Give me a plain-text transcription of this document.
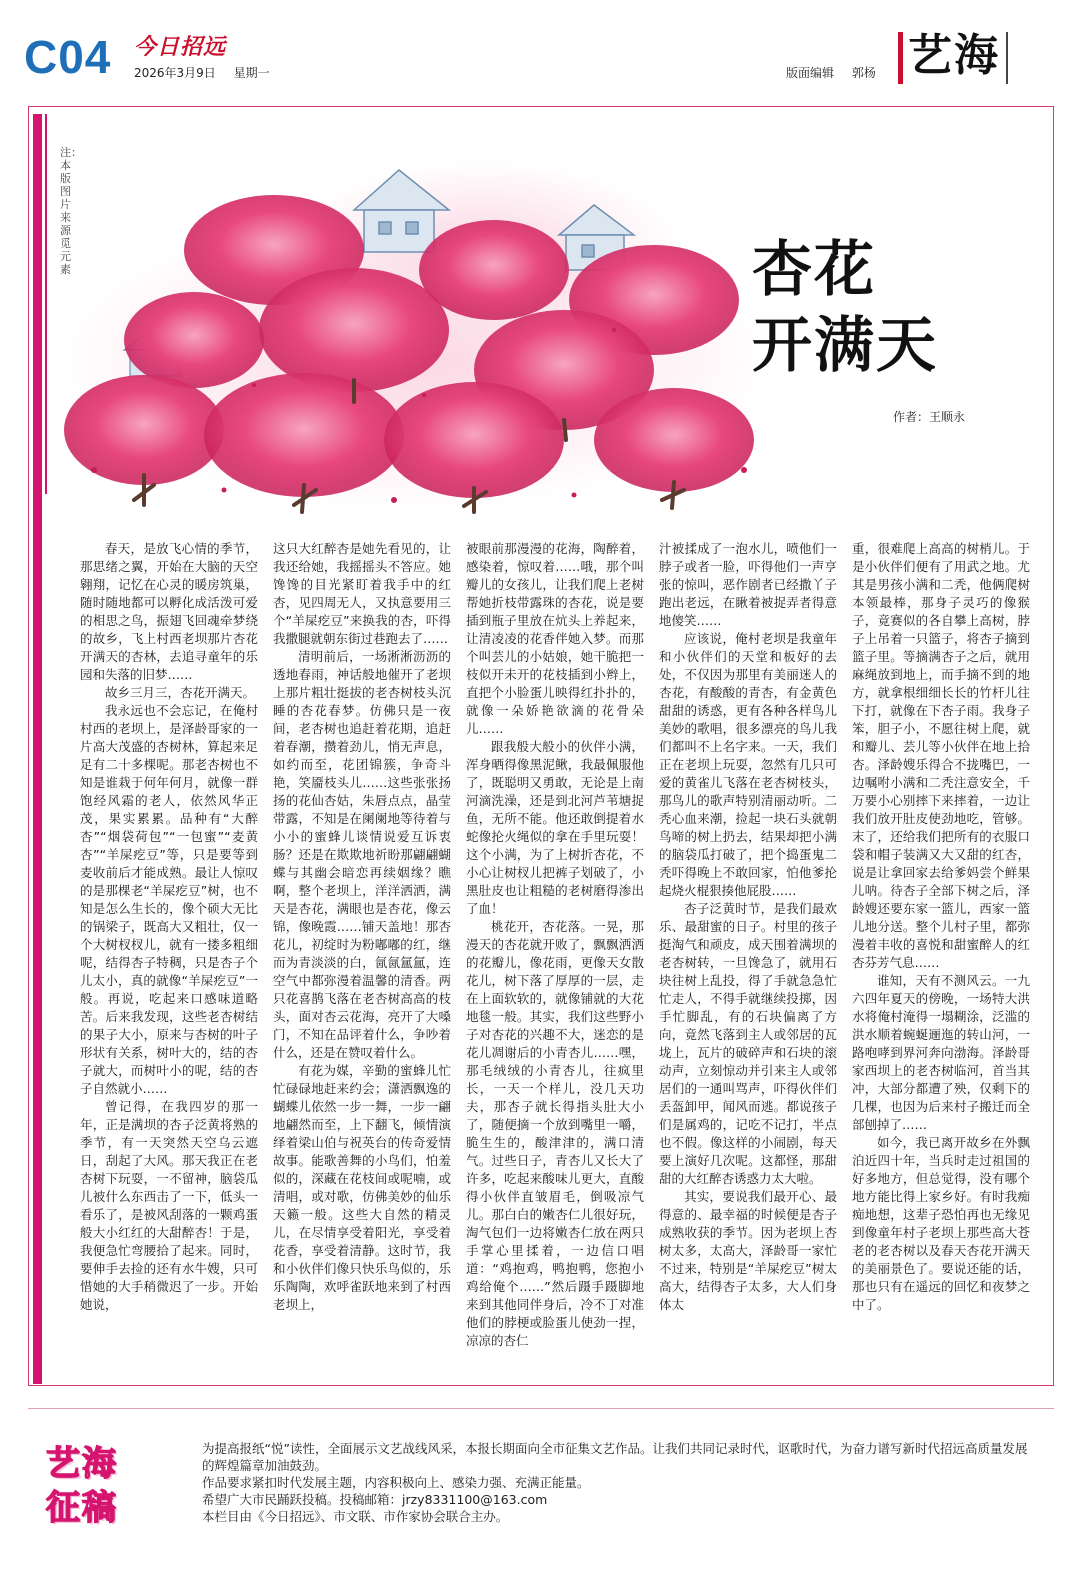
C04 今日招远
2026年3月9日 星期一	版面编辑 郭杨 艺海
注：本版图片来源 觅元素	杏花
开满天
作者：王顺永

春天，是放飞心情的季节，那思绪之翼，开始在大脑的天空翱翔，记忆在心灵的暖房筑巢，随时随地都可以孵化成活泼可爱的相思之鸟，振翅飞回魂牵梦绕的故乡，飞上村西老坝那片杏花开满天的杏林，去追寻童年的乐园和失落的旧梦……

故乡三月三，杏花开满天。

我永远也不会忘记，在俺村村西的老坝上，是泽龄哥家的一片高大茂盛的杏树林，算起来足足有二十多棵呢。那老杏树也不知是谁栽于何年何月，就像一群饱经风霜的老人，依然风华正茂，果实累累。品种有“大醉杏”“烟袋荷包”“一包蜜”“麦黄杏”“羊屎疙豆”等，只是要等到麦收前后才能成熟。最让人惊叹的是那棵老“羊屎疙豆”树，也不知是怎么生长的，像个硕大无比的锅梁子，既高大又粗壮，仅一个大树杈杈儿，就有一搂多粗细呢，结得杏子特稠，只是杏子个儿太小，真的就像“羊屎疙豆”一般。再说，吃起来口感味道略苦。后来我发现，这些老杏树结的果子大小，原来与杏树的叶子形状有关系，树叶大的，结的杏子就大，而树叶小的呢，结的杏子自然就小……

曾记得，在我四岁的那一年，正是满坝的杏子泛黄将熟的季节，有一天突然天空乌云遮日，刮起了大风。那天我正在老杏树下玩耍，一不留神，脑袋瓜儿被什么东西击了一下，低头一看乐了，是被风刮落的一颗鸡蛋般大小红红的大甜醉杏！于是，我便急忙弯腰拾了起来。同时，要伸手去捡的还有水牛嫂，只可惜她的大手稍微迟了一步。开始她说，

这只大红醉杏是她先看见的，让我还给她，我摇摇头不答应。她馋馋的目光紧盯着我手中的红杏，见四周无人，又执意要用三个“羊屎疙豆”来换我的杏，吓得我撒腿就朝东街过巷跑去了……

清明前后，一场淅淅沥沥的透地春雨，神话般地催开了老坝上那片粗壮挺拔的老杏树枝头沉睡的杏花春梦。仿佛只是一夜间，老杏树也追赶着花期，追赶着春潮，攒着劲儿，悄无声息，如约而至，花团锦簇，争奇斗艳，笑靥枝头儿……这些张张扬扬的花仙杏姑，朱唇点点，晶莹带露，不知是在阑阑地等待着与小小的蜜蜂儿谈情说爱互诉衷肠？还是在欺欺地祈盼那翩翩蝴蝶与其幽会暗恋再续姻缘？瞧啊，整个老坝上，洋洋洒洒，满天是杏花，满眼也是杏花，像云锦，像晚霞……铺天盖地！那杏花儿，初绽时为粉嘟嘟的红，继而为青淡淡的白，氤氤氲氲，连空气中都弥漫着温馨的清香。两只花喜鹊飞落在老杏树高高的枝头，面对杏云花海，亮开了大嗓门，不知在品评着什么，争吵着什么，还是在赞叹着什么。

有花为媒，辛勤的蜜蜂儿忙忙碌碌地赶来约会；潇洒飘逸的蝴蝶儿依然一步一舞，一步一翩地翩然而至，上下翻飞，倾情演绎着梁山伯与祝英台的传奇爱情故事。能歌善舞的小鸟们，怕羞似的，深藏在花枝间或呢喃，或清唱，或对歌，仿佛美妙的仙乐天籁一般。这些大自然的精灵儿，在尽情享受着阳光，享受着花香，享受着清静。这时节，我和小伙伴们像只快乐鸟似的，乐乐陶陶，欢呼雀跃地来到了村西老坝上，

被眼前那漫漫的花海，陶醉着，感染着，惊叹着……哦，那个叫瓣儿的女孩儿，让我们爬上老树帮她折枝带露珠的杏花，说是要插到瓶子里放在炕头上养起来，让清凌凌的花香伴她入梦。而那个叫芸儿的小姑娘，她干脆把一枝似开未开的花枝插到小辫上，直把个小脸蛋儿映得红扑扑的，就像一朵娇艳欲滴的花骨朵儿……

跟我般大般小的伙伴小满，浑身晒得像黑泥鳅，我最佩服他了，既聪明又勇敢，无论是上南河滴洗澡，还是到北河芦苇塘捉鱼，无所不能。他还敢倒提着水蛇像抡火绳似的拿在手里玩耍！这个小满，为了上树折杏花，不小心让树杈儿把裤子划破了，小黑肚皮也让粗糙的老树磨得渗出了血！

桃花开，杏花落。一晃，那漫天的杏花就开败了，飘飘洒洒的花瓣儿，像花雨，更像天女散花儿，树下落了厚厚的一层，走在上面软软的，就像铺就的大花地毯一般。其实，我们这些野小子对杏花的兴趣不大，迷恋的是花儿凋谢后的小青杏儿……嘿，那毛绒绒的小青杏儿，往疯里长，一天一个样儿，没几天功夫，那杏子就长得指头肚大小了，随便摘一个放到嘴里一嚼，脆生生的，酸津津的，满口清气。过些日子，青杏儿又长大了许多，吃起来酸味儿更大，直酸得小伙伴直皱眉毛，倒吸凉气儿。那白白的嫩杏仁儿很好玩，淘气包们一边将嫩杏仁放在两只手掌心里揉着，一边信口唱道：“鸡抱鸡，鸭抱鸭，您抱小鸡给俺个……”然后蹑手蹑脚地来到其他同伴身后，冷不丁对准他们的脖梗或脸蛋儿使劲一捏，凉凉的杏仁

汁被揉成了一泡水儿，喷他们一脖子或者一脸，吓得他们一声亨张的惊叫，恶作剧者已经撒丫子跑出老远，在瞅着被捉弄者得意地傻笑……

应该说，俺村老坝是我童年和小伙伴们的天堂和板好的去处，不仅因为那里有美丽迷人的杏花，有酸酸的青杏，有金黄色甜甜的诱惑，更有各种各样鸟儿美妙的歌唱，很多漂亮的鸟儿我们都叫不上名字来。一天，我们正在老坝上玩耍，忽然有几只可爱的黄雀儿飞落在老杏树枝头，那鸟儿的歌声特别清丽动听。二秃心血来潮，捡起一块石头就朝鸟啼的树上扔去，结果却把小满的脑袋瓜打破了，把个捣蛋鬼二秃吓得晚上不敢回家，怕他爹抡起烧火棍狠揍他屁股……

杏子泛黄时节，是我们最欢乐、最甜蜜的日子。村里的孩子挺淘气和顽皮，成天围着满坝的老杏树转，一旦馋急了，就用石块往树上乱投，得了手就急急忙忙走人，不得手就继续投掷，因手忙脚乱，有的石块偏离了方向，竟然飞落到主人或邻居的瓦垅上，瓦片的破碎声和石块的滚动声，立刻惊动并引来主人或邻居们的一通叫骂声，吓得伙伴们丢盔卸甲，闻风而逃。都说孩子们是属鸡的，记吃不记打，半点也不假。像这样的小闹剧，每天要上演好几次呢。这都怪，那甜甜的大红醉杏诱惑力太大啦。

其实，要说我们最开心、最得意的、最幸福的时候便是杏子成熟收获的季节。因为老坝上杏树太多，太高大，泽龄哥一家忙不过来，特别是“羊屎疙豆”树太高大，结得杏子太多，大人们身体太

重，很难爬上高高的树梢儿。于是小伙伴们便有了用武之地。尤其是男孩小满和二秃，他俩爬树本领最棒，那身子灵巧的像猴子，竟赛似的各自攀上高树，脖子上吊着一只篮子，将杏子摘到篮子里。等摘满杏子之后，就用麻绳放到地上，而手摘不到的地方，就拿根细细长长的竹杆儿往下打，就像在下杏子雨。我身子笨，胆子小，不愿往树上爬，就和瓣儿、芸儿等小伙伴在地上拾杏。泽龄嫂乐得合不拢嘴巴，一边嘱咐小满和二秃注意安全，千万要小心别摔下来摔着，一边让我们放开肚皮使劲地吃，管够。末了，还给我们把所有的衣服口袋和帽子装满又大又甜的红杏，说是让拿回家去给爹妈尝个鲜果儿呐。待杏子全部下树之后，泽龄嫂还要东家一篮儿，西家一篮儿地分送。整个儿村子里，都弥漫着丰收的喜悦和甜蜜醉人的红杏芬芳气息……

谁知，天有不测风云。一九六四年夏天的傍晚，一场特大洪水将俺村淹得一塌糊涂，泛滥的洪水顺着蜿蜒逦迤的转山河，一路咆哮到界河奔向渤海。泽龄哥家西坝上的老杏树临河，首当其冲，大部分都遭了殃，仅剩下的几棵，也因为后来村子搬迁而全部刨掉了……

如今，我已离开故乡在外飘泊近四十年，当兵时走过祖国的好多地方，但总觉得，没有哪个地方能比得上家乡好。有时我痴痴地想，这辈子恐怕再也无缘见到像童年村子老坝上那些高大苍老的老杏树以及春天杏花开满天的美丽景色了。要说还能的话，那也只有在遥远的回忆和夜梦之中了。

艺海
征稿
为提高报纸“悦”读性，全面展示文艺战线风采，本报长期面向全市征集文艺作品。让我们共同记录时代，讴歌时代，为奋力谱写新时代招远高质量发展的辉煌篇章加油鼓劲。
作品要求紧扣时代发展主题，内容积极向上、感染力强、充满正能量。
希望广大市民踊跃投稿。投稿邮箱：jrzy8331100@163.com
本栏目由《今日招远》、市文联、市作家协会联合主办。
